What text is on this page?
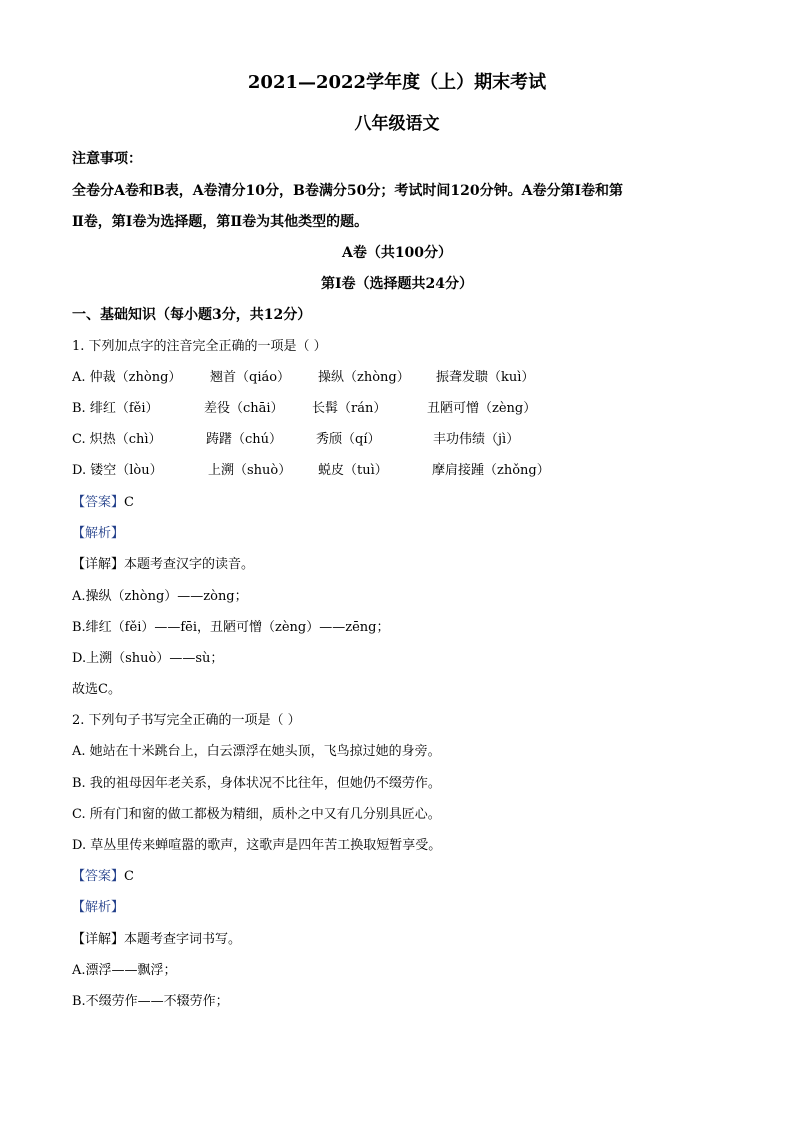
2021—2022学年度（上）期末考试
八年级语文
注意事项：
全卷分A卷和B表，A卷清分10分，B卷满分50分；考试时间120分钟。A卷分第Ⅰ卷和第
Ⅱ卷，第Ⅰ卷为选择题，第Ⅱ卷为其他类型的题。
A卷（共100分）
第Ⅰ卷（选择题共24分）
一、基础知识（每小题3分，共12分）
1. 下列加点字的注音完全正确的一项是（ ）
A. 仲裁（zhòng） 翘首（qiáo） 操纵（zhòng） 振聋发聩（kuì）
B. 绯红（fěi）	差役（chāi） 长髯（rán）	丑陋可憎（zèng）
C. 炽热（chì）	踌躇（chú）	秀颀（qí）	丰功伟绩（jì）
D. 镂空（lòu）	上溯（shuò） 蜕皮（tuì）	摩肩接踵（zhǒng）
【答案】C
【解析】
【详解】本题考查汉字的读音。
A.操纵（zhòng）——zòng；
B.绯红（fěi）——fēi，丑陋可憎（zèng）——zēng；
D.上溯（shuò）——sù；
故选C。
2. 下列句子书写完全正确的一项是（ ）
A. 她站在十米跳台上，白云漂浮在她头顶，飞鸟掠过她的身旁。
B. 我的祖母因年老关系，身体状况不比往年，但她仍不缀劳作。
C. 所有门和窗的做工都极为精细，质朴之中又有几分别具匠心。
D. 草丛里传来蝉喧嚣的歌声，这歌声是四年苦工换取短暂享受。
【答案】C
【解析】
【详解】本题考查字词书写。
A.漂浮——飘浮；
B.不缀劳作——不辍劳作；
